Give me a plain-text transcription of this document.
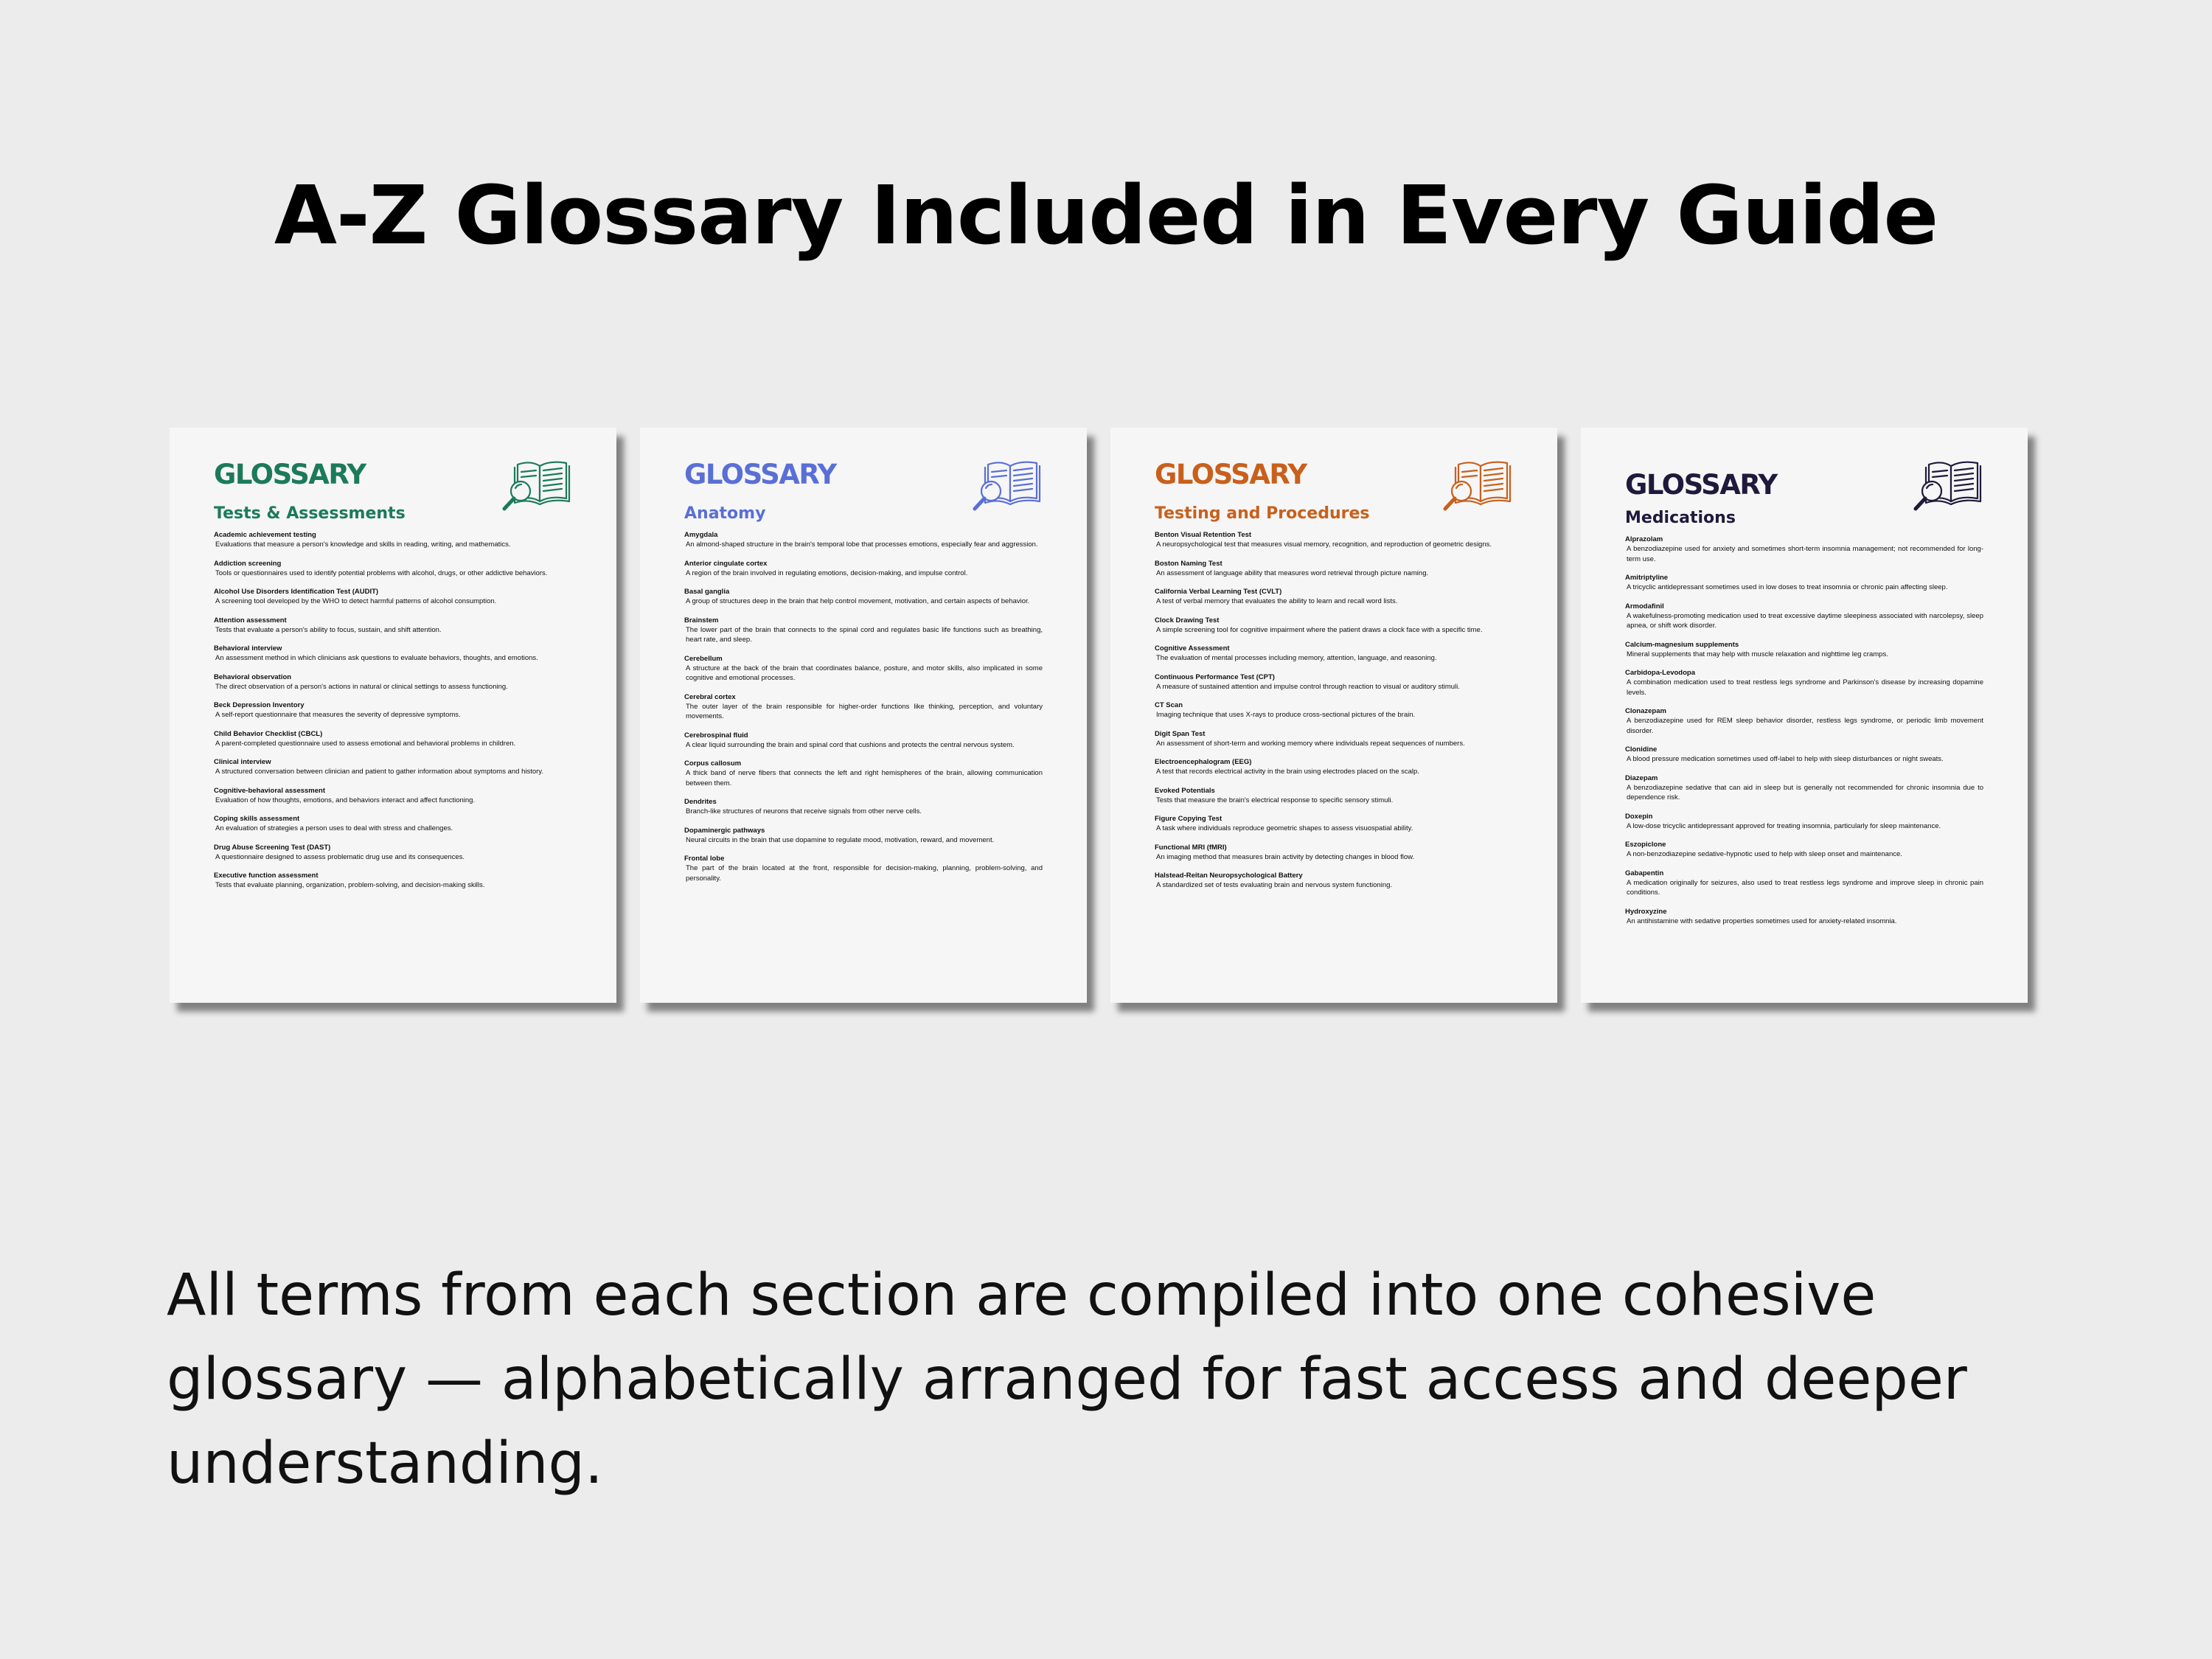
A-Z Glossary Included in Every Guide
GLOSSARY
Tests & Assessments
Academic achievement testing
Evaluations that measure a person's knowledge and skills in reading, writing, and mathematics.
Addiction screening
Tools or questionnaires used to identify potential problems with alcohol, drugs, or other addictive behaviors.
Alcohol Use Disorders Identification Test (AUDIT)
A screening tool developed by the WHO to detect harmful patterns of alcohol consumption.
Attention assessment
Tests that evaluate a person's ability to focus, sustain, and shift attention.
Behavioral interview
An assessment method in which clinicians ask questions to evaluate behaviors, thoughts, and emotions.
Behavioral observation
The direct observation of a person's actions in natural or clinical settings to assess functioning.
Beck Depression Inventory
A self-report questionnaire that measures the severity of depressive symptoms.
Child Behavior Checklist (CBCL)
A parent-completed questionnaire used to assess emotional and behavioral problems in children.
Clinical interview
A structured conversation between clinician and patient to gather information about symptoms and history.
Cognitive-behavioral assessment
Evaluation of how thoughts, emotions, and behaviors interact and affect functioning.
Coping skills assessment
An evaluation of strategies a person uses to deal with stress and challenges.
Drug Abuse Screening Test (DAST)
A questionnaire designed to assess problematic drug use and its consequences.
Executive function assessment
Tests that evaluate planning, organization, problem-solving, and decision-making skills.
GLOSSARY
Anatomy
Amygdala
An almond-shaped structure in the brain's temporal lobe that processes emotions, especially fear and aggression.
Anterior cingulate cortex
A region of the brain involved in regulating emotions, decision-making, and impulse control.
Basal ganglia
A group of structures deep in the brain that help control movement, motivation, and certain aspects of behavior.
Brainstem
The lower part of the brain that connects to the spinal cord and regulates basic life functions such as breathing, heart rate, and sleep.
Cerebellum
A structure at the back of the brain that coordinates balance, posture, and motor skills, also implicated in some cognitive and emotional processes.
Cerebral cortex
The outer layer of the brain responsible for higher-order functions like thinking, perception, and voluntary movements.
Cerebrospinal fluid
A clear liquid surrounding the brain and spinal cord that cushions and protects the central nervous system.
Corpus callosum
A thick band of nerve fibers that connects the left and right hemispheres of the brain, allowing communication between them.
Dendrites
Branch-like structures of neurons that receive signals from other nerve cells.
Dopaminergic pathways
Neural circuits in the brain that use dopamine to regulate mood, motivation, reward, and movement.
Frontal lobe
The part of the brain located at the front, responsible for decision-making, planning, problem-solving, and personality.
GLOSSARY
Testing and Procedures
Benton Visual Retention Test
A neuropsychological test that measures visual memory, recognition, and reproduction of geometric designs.
Boston Naming Test
An assessment of language ability that measures word retrieval through picture naming.
California Verbal Learning Test (CVLT)
A test of verbal memory that evaluates the ability to learn and recall word lists.
Clock Drawing Test
A simple screening tool for cognitive impairment where the patient draws a clock face with a specific time.
Cognitive Assessment
The evaluation of mental processes including memory, attention, language, and reasoning.
Continuous Performance Test (CPT)
A measure of sustained attention and impulse control through reaction to visual or auditory stimuli.
CT Scan
Imaging technique that uses X-rays to produce cross-sectional pictures of the brain.
Digit Span Test
An assessment of short-term and working memory where individuals repeat sequences of numbers.
Electroencephalogram (EEG)
A test that records electrical activity in the brain using electrodes placed on the scalp.
Evoked Potentials
Tests that measure the brain's electrical response to specific sensory stimuli.
Figure Copying Test
A task where individuals reproduce geometric shapes to assess visuospatial ability.
Functional MRI (fMRI)
An imaging method that measures brain activity by detecting changes in blood flow.
Halstead-Reitan Neuropsychological Battery
A standardized set of tests evaluating brain and nervous system functioning.
GLOSSARY
Medications
Alprazolam
A benzodiazepine used for anxiety and sometimes short-term insomnia management; not recommended for long-term use.
Amitriptyline
A tricyclic antidepressant sometimes used in low doses to treat insomnia or chronic pain affecting sleep.
Armodafinil
A wakefulness-promoting medication used to treat excessive daytime sleepiness associated with narcolepsy, sleep apnea, or shift work disorder.
Calcium-magnesium supplements
Mineral supplements that may help with muscle relaxation and nighttime leg cramps.
Carbidopa-Levodopa
A combination medication used to treat restless legs syndrome and Parkinson's disease by increasing dopamine levels.
Clonazepam
A benzodiazepine used for REM sleep behavior disorder, restless legs syndrome, or periodic limb movement disorder.
Clonidine
A blood pressure medication sometimes used off-label to help with sleep disturbances or night sweats.
Diazepam
A benzodiazepine sedative that can aid in sleep but is generally not recommended for chronic insomnia due to dependence risk.
Doxepin
A low-dose tricyclic antidepressant approved for treating insomnia, particularly for sleep maintenance.
Eszopiclone
A non-benzodiazepine sedative-hypnotic used to help with sleep onset and maintenance.
Gabapentin
A medication originally for seizures, also used to treat restless legs syndrome and improve sleep in chronic pain conditions.
Hydroxyzine
An antihistamine with sedative properties sometimes used for anxiety-related insomnia.

All terms from each section are compiled into one cohesive glossary — alphabetically arranged for fast access and deeper understanding.
